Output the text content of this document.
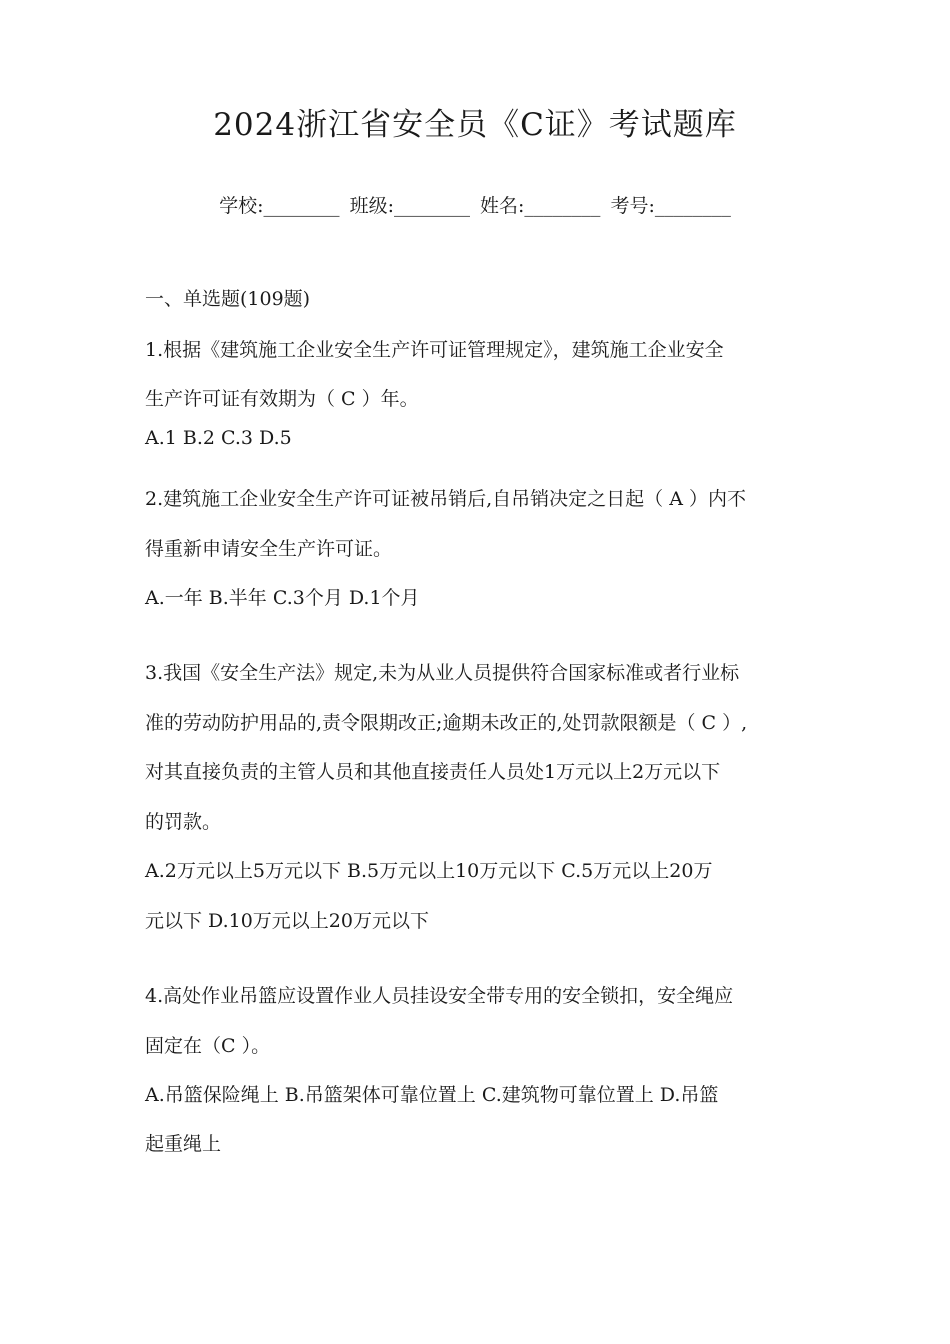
2024浙江省安全员《C证》考试题库
学校:________ 班级:________ 姓名:________ 考号:________
一、单选题(109题)
1.根据《建筑施工企业安全生产许可证管理规定》，建筑施工企业安全
生产许可证有效期为（ C ）年。
A.1 B.2 C.3 D.5
2.建筑施工企业安全生产许可证被吊销后,自吊销决定之日起（ A ）内不
得重新申请安全生产许可证。
A.一年 B.半年 C.3个月 D.1个月
3.我国《安全生产法》规定,未为从业人员提供符合国家标准或者行业标
准的劳动防护用品的,责令限期改正;逾期未改正的,处罚款限额是（ C ）,
对其直接负责的主管人员和其他直接责任人员处1万元以上2万元以下
的罚款。
A.2万元以上5万元以下 B.5万元以上10万元以下 C.5万元以上20万
元以下 D.10万元以上20万元以下
4.高处作业吊篮应设置作业人员挂设安全带专用的安全锁扣，安全绳应
固定在（C ）。
A.吊篮保险绳上 B.吊篮架体可靠位置上 C.建筑物可靠位置上 D.吊篮
起重绳上
